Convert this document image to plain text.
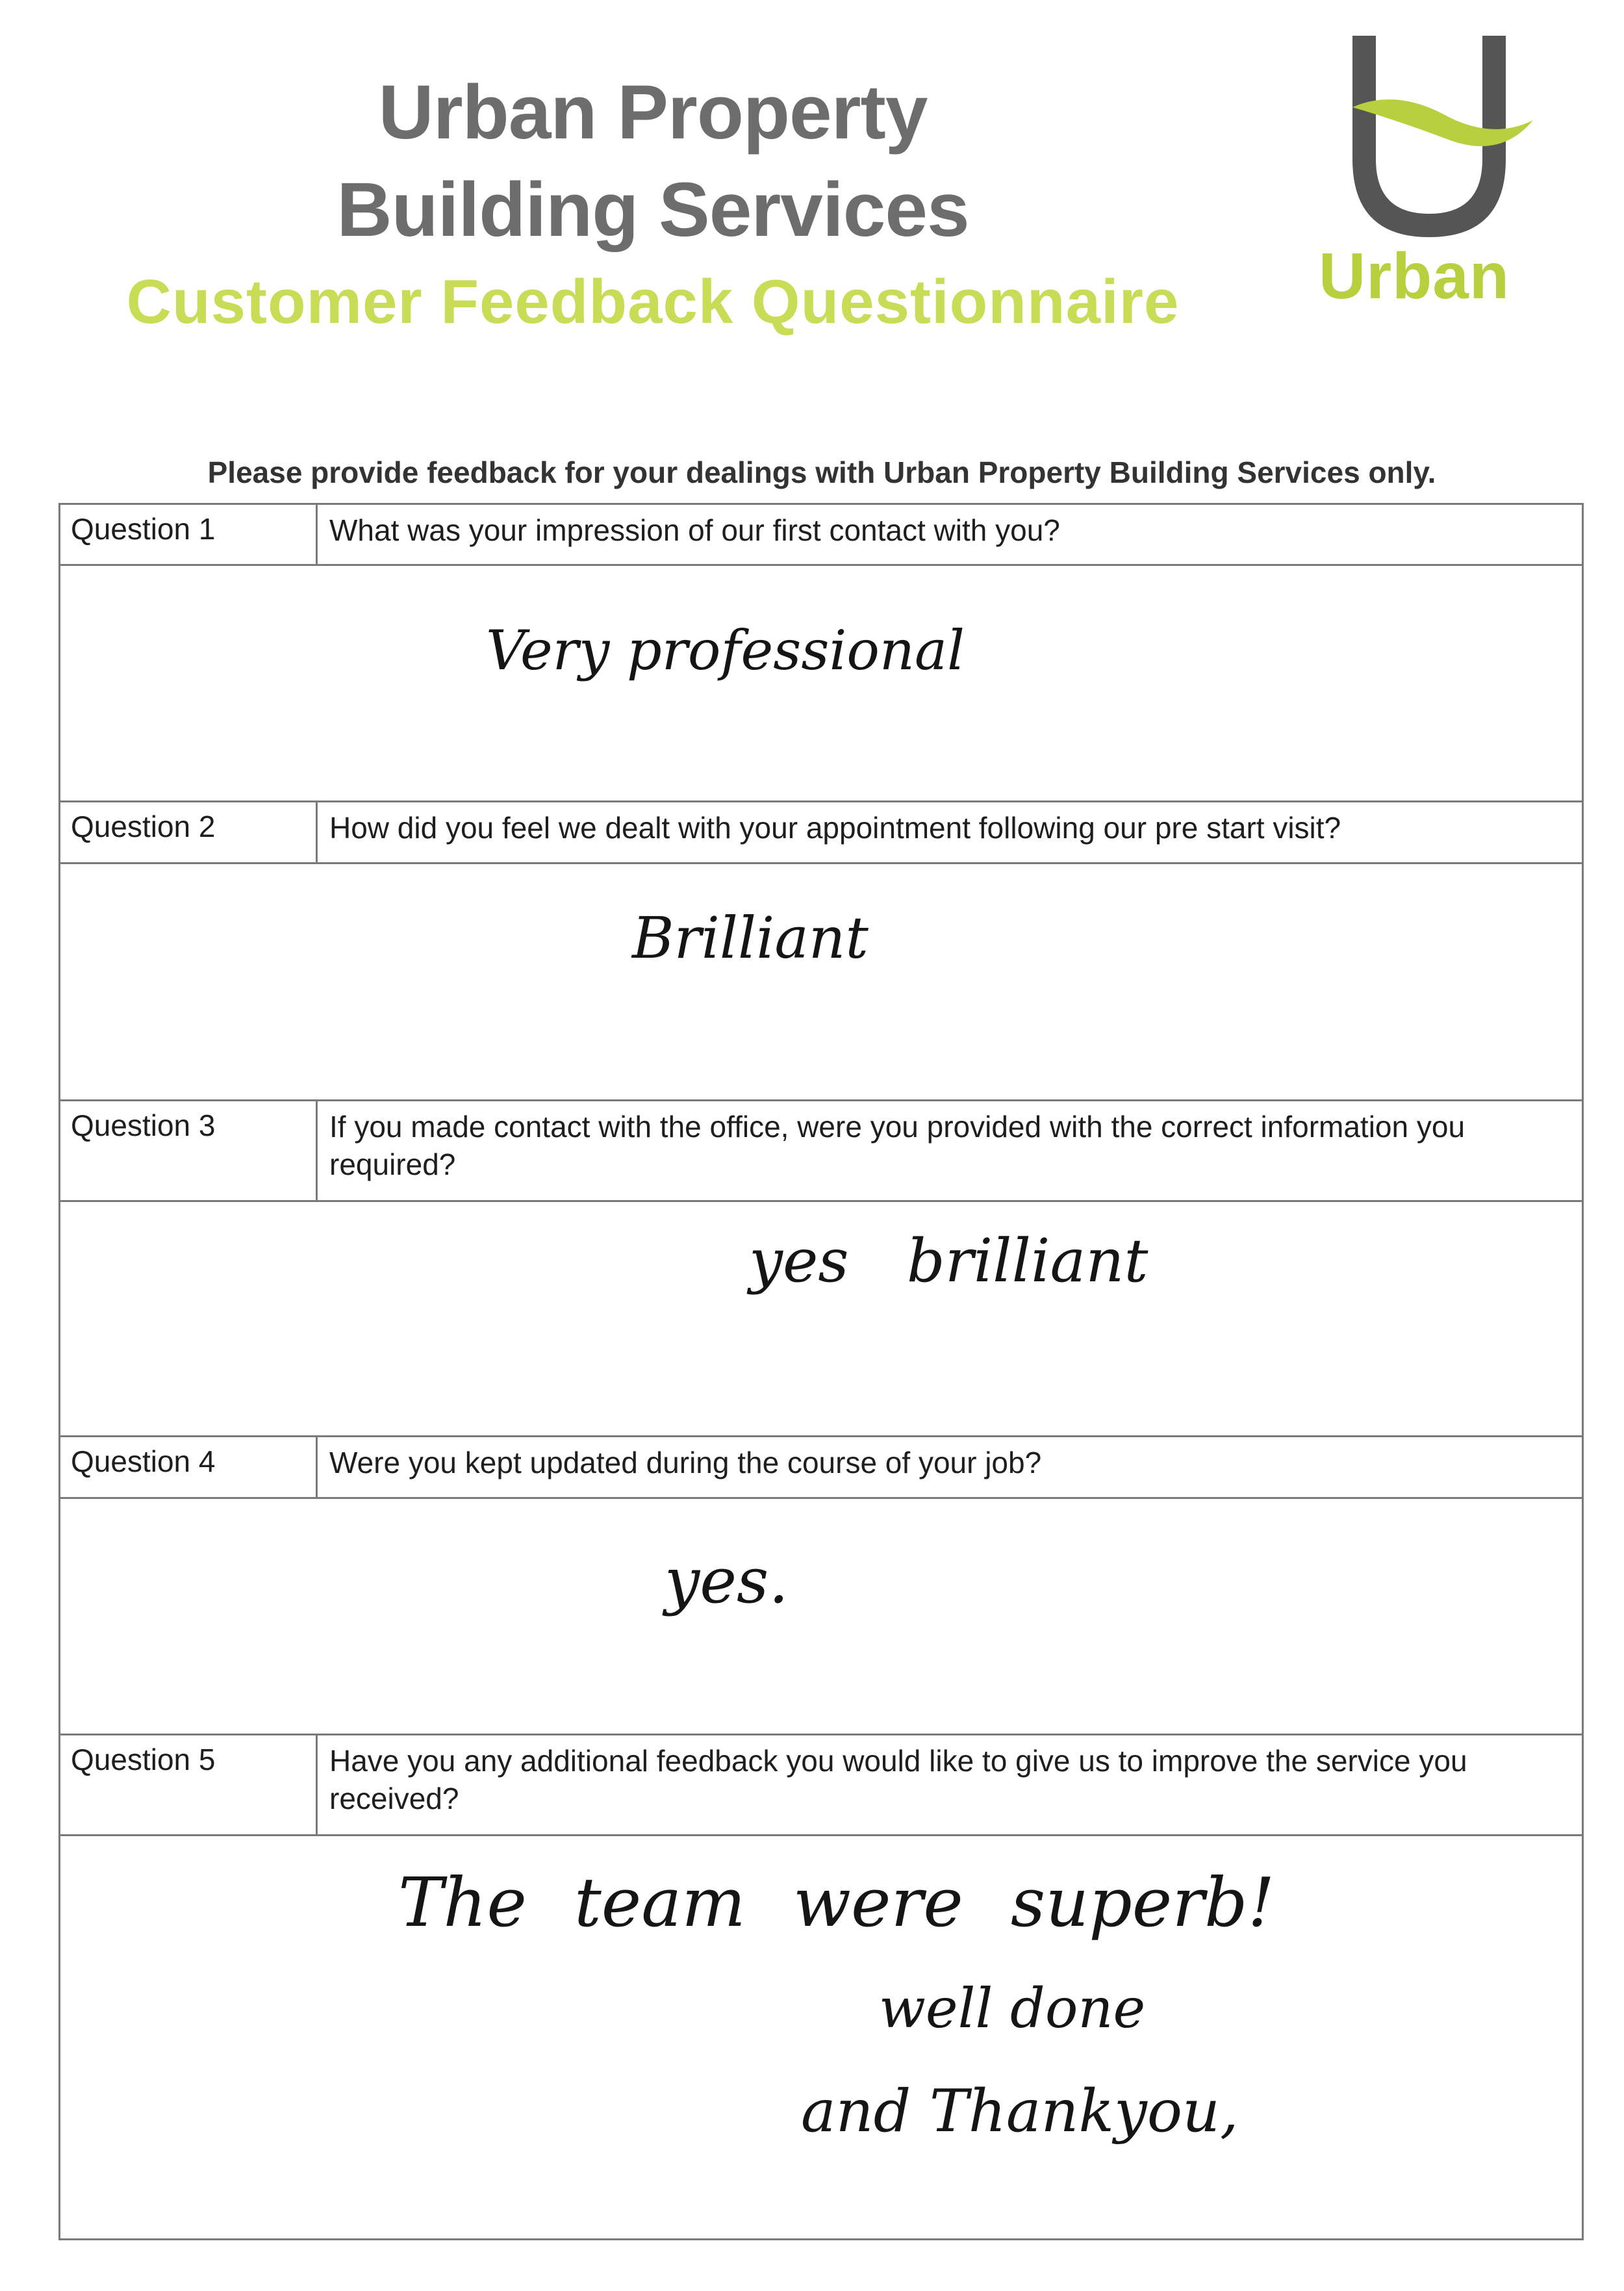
Urban Property
Building Services
Customer Feedback Questionnaire	Urban
Please provide feedback for your dealings with Urban Property Building Services only.
Question 1	What was your impression of our first contact with you?
Very professional
Question 2	How did you feel we dealt with your appointment following our pre start visit?
Brilliant
Question 3	If you made contact with the office, were you provided with the correct information you required?
yes brilliant
Question 4	Were you kept updated during the course of your job?
yes.
Question 5	Have you any additional feedback you would like to give us to improve the service you received?
The team were superb!
well done
and Thankyou,
